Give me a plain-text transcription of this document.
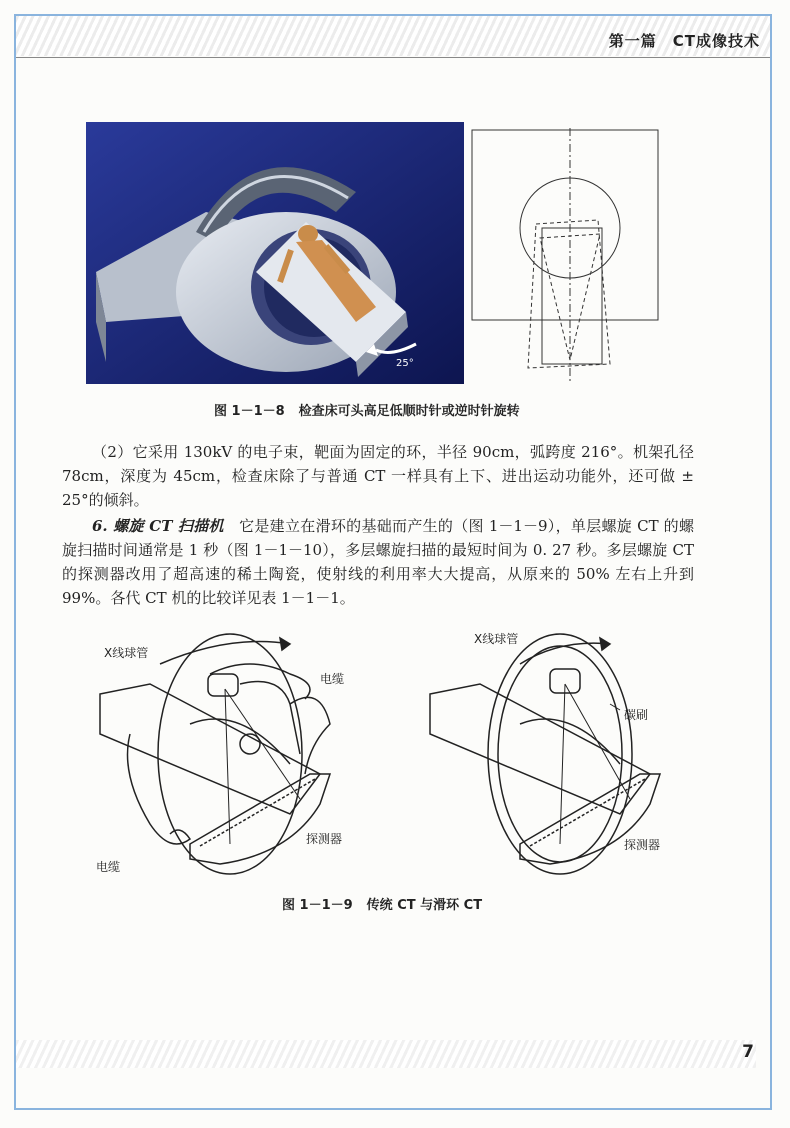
第一篇　CT成像技术
25°
图 1－1－8 检查床可头高足低顺时针或逆时针旋转
（2）它采用 130kV 的电子束，靶面为固定的环，半径 90cm，弧跨度 216°。机架孔径 78cm，深度为 45cm，检查床除了与普通 CT 一样具有上下、进出运动功能外，还可做 ± 25°的倾斜。
6. 螺旋 CT 扫描机　 它是建立在滑环的基础而产生的（图 1－1－9），单层螺旋 CT 的螺旋扫描时间通常是 1 秒（图 1－1－10），多层螺旋扫描的最短时间为 0. 27 秒。多层螺旋 CT 的探测器改用了超高速的稀土陶瓷，使射线的利用率大大提高，从原来的 50% 左右上升到 99%。各代 CT 机的比较详见表 1－1－1。
X线球管
电缆
电缆
探测器
X线球管
碳刷
探测器
图 1－1－9 传统 CT 与滑环 CT
7
